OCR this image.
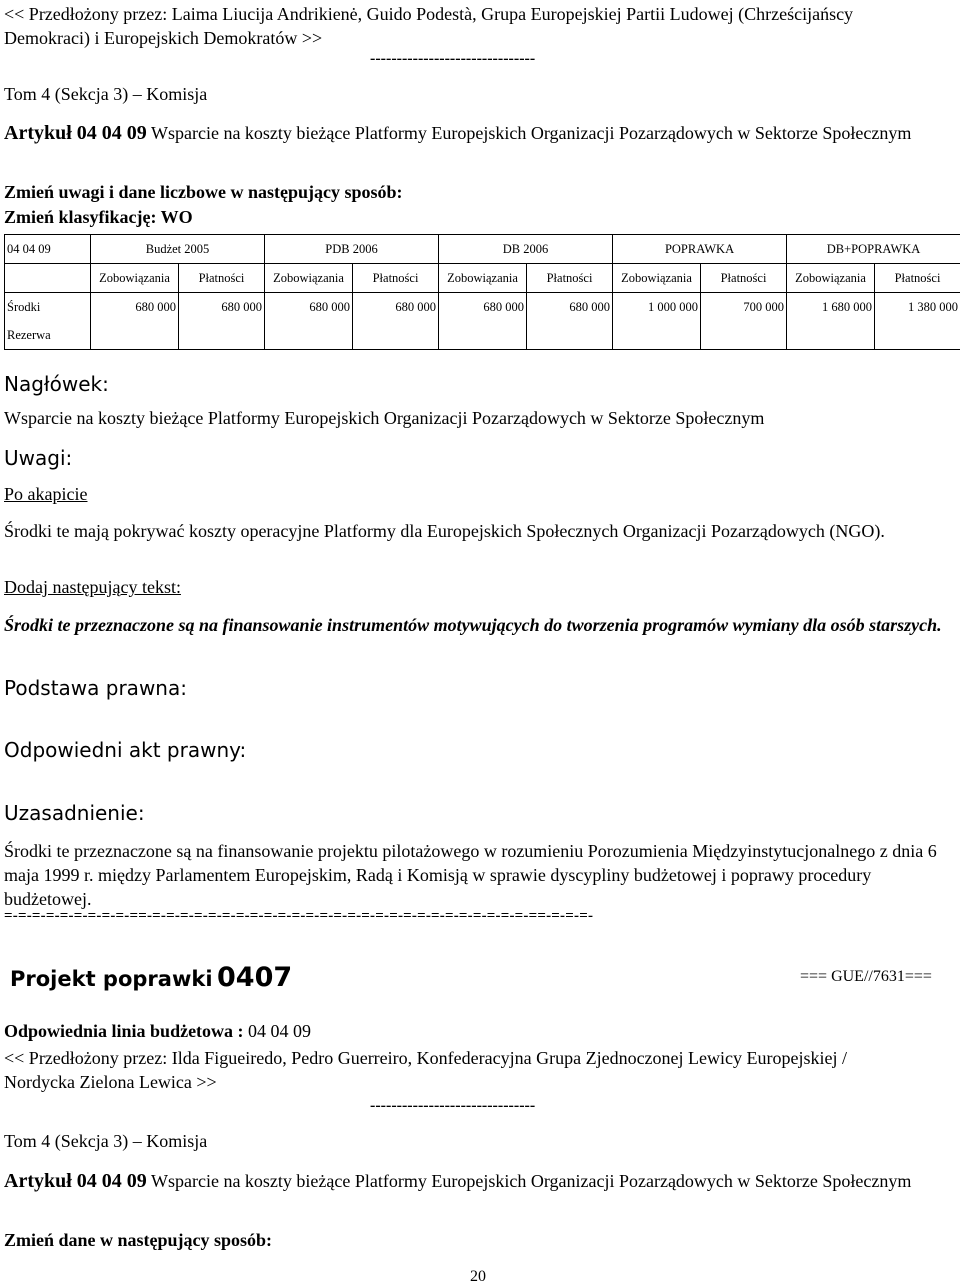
<< Przedłożony przez: Laima Liucija Andrikienė, Guido Podestà, Grupa Europejskiej Partii Ludowej (Chrześcijańscy Demokraci) i Europejskich Demokratów >>

-------------------------------

Tom 4 (Sekcja 3) – Komisja

Artykuł 04 04 09 Wsparcie na koszty bieżące Platformy Europejskich Organizacji Pozarządowych w Sektorze Społecznym

Zmień uwagi i dane liczbowe w następujący sposób:

Zmień klasyfikację: WO

04 04 09	Budżet 2005		PDB 2006		DB 2006		POPRAWKA		DB+POPRAWKA	
	Zobowiązania	Płatności	Zobowiązania	Płatności	Zobowiązania	Płatności	Zobowiązania	Płatności	Zobowiązania	Płatności

Środki
Rezerwa	680 000	680 000	680 000	680 000	680 000	680 000	1 000 000	700 000	1 680 000	1 380 000

Nagłówek:

Wsparcie na koszty bieżące Platformy Europejskich Organizacji Pozarządowych w Sektorze Społecznym

Uwagi:

Po akapicie

Środki te mają pokrywać koszty operacyjne Platformy dla Europejskich Społecznych Organizacji Pozarządowych (NGO).

Dodaj następujący tekst:

Środki te przeznaczone są na finansowanie instrumentów motywujących do tworzenia programów wymiany dla osób starszych.

Podstawa prawna:

Odpowiedni akt prawny:

Uzasadnienie:

Środki te przeznaczone są na finansowanie projektu pilotażowego w rozumieniu Porozumienia Międzyinstytucjonalnego z dnia 6 maja 1999 r. między Parlamentem Europejskim, Radą i Komisją w sprawie dyscypliny budżetowej i poprawy procedury budżetowej.

=-=-=-=-=-=-=-=-=-==-=-=-=-=-=-=-=-=-=-=-=-=-=-=-=-=-=-=-=-=-=-=-=-=-=-=-=-==-=-=-=-

Projekt poprawki 0407	=== GUE//7631===

Odpowiednia linia budżetowa : 04 04 09

<< Przedłożony przez: Ilda Figueiredo, Pedro Guerreiro, Konfederacyjna Grupa Zjednoczonej Lewicy Europejskiej / Nordycka Zielona Lewica >>

-------------------------------

Tom 4 (Sekcja 3) – Komisja

Artykuł 04 04 09 Wsparcie na koszty bieżące Platformy Europejskich Organizacji Pozarządowych w Sektorze Społecznym

Zmień dane w następujący sposób:

20
